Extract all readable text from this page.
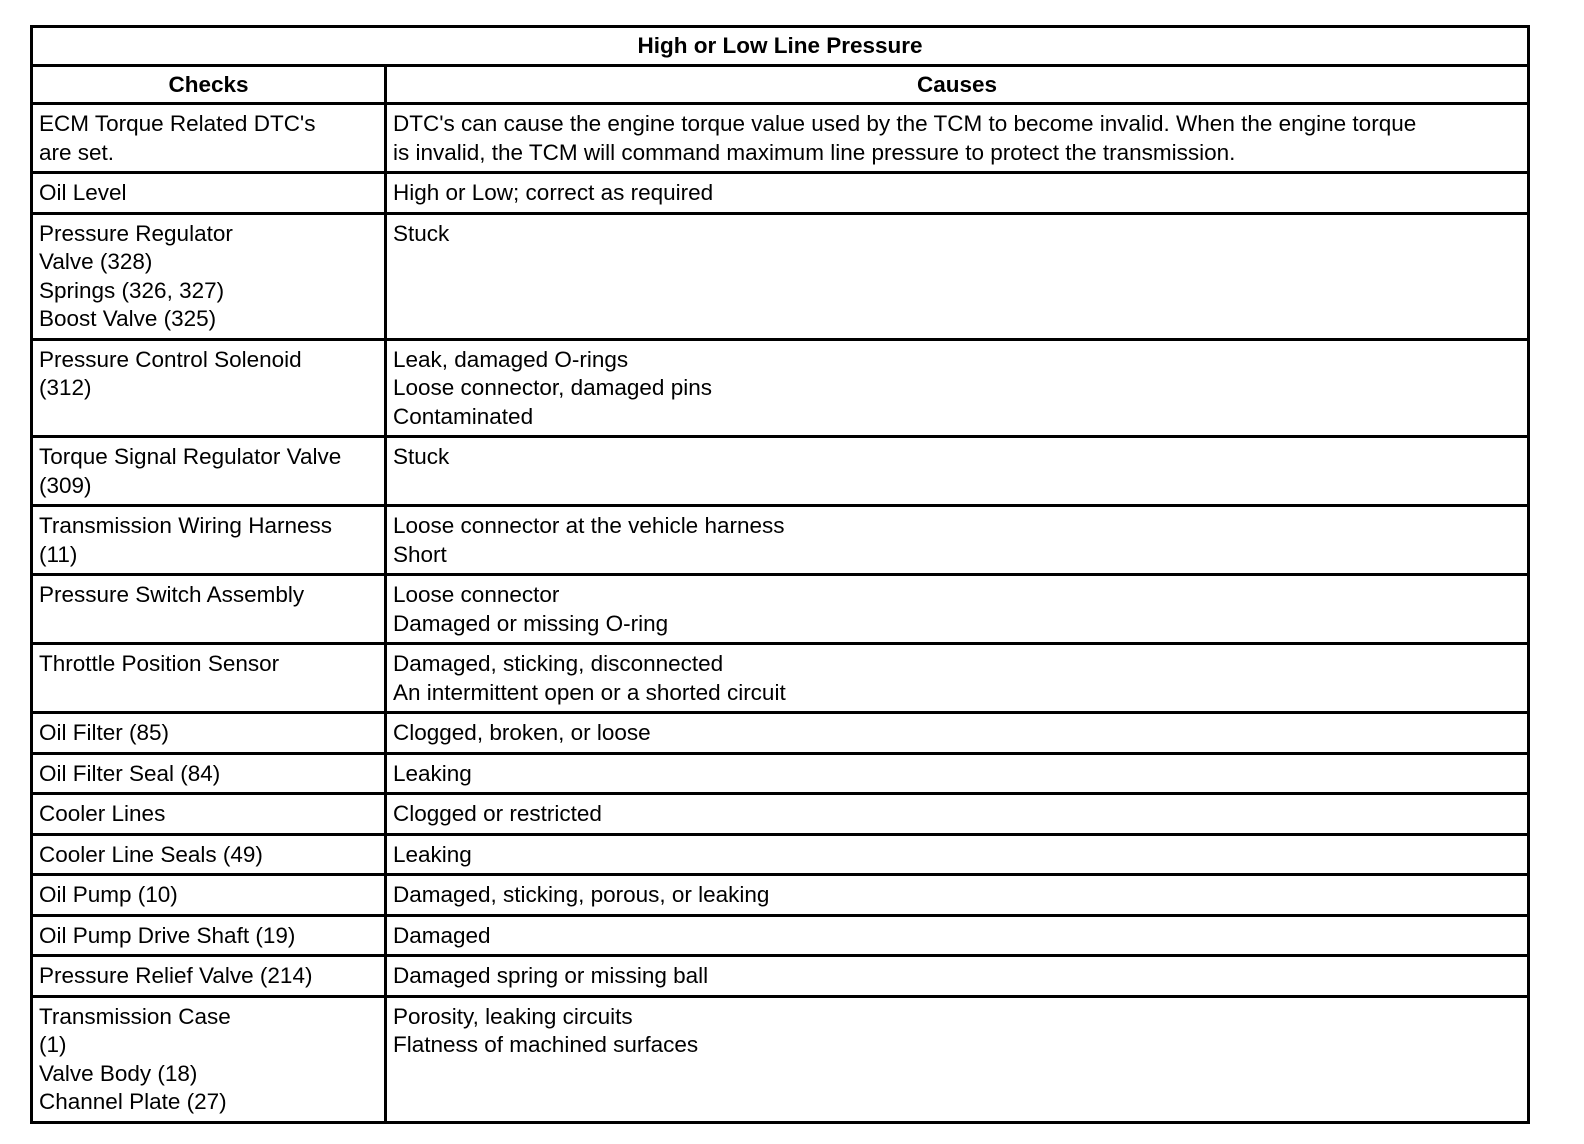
High or Low Line Pressure	
Checks	Causes

ECM Torque Related DTC's
are set.	DTC's can cause the engine torque value used by the TCM to become invalid. When the engine torque
is invalid, the TCM will command maximum line pressure to protect the transmission.

Oil Level	High or Low; correct as required

Pressure Regulator
Valve (328)
Springs (326, 327)
Boost Valve (325)	Stuck

Pressure Control Solenoid
(312)	Leak, damaged O-rings
Loose connector, damaged pins
Contaminated

Torque Signal Regulator Valve
(309)	Stuck

Transmission Wiring Harness
(11)	Loose connector at the vehicle harness
Short

Pressure Switch Assembly	Loose connector
Damaged or missing O-ring

Throttle Position Sensor	Damaged, sticking, disconnected
An intermittent open or a shorted circuit

Oil Filter (85)	Clogged, broken, or loose

Oil Filter Seal (84)	Leaking

Cooler Lines	Clogged or restricted

Cooler Line Seals (49)	Leaking

Oil Pump (10)	Damaged, sticking, porous, or leaking

Oil Pump Drive Shaft (19)	Damaged

Pressure Relief Valve (214)	Damaged spring or missing ball

Transmission Case
(1)
Valve Body (18)
Channel Plate (27)	Porosity, leaking circuits
Flatness of machined surfaces
